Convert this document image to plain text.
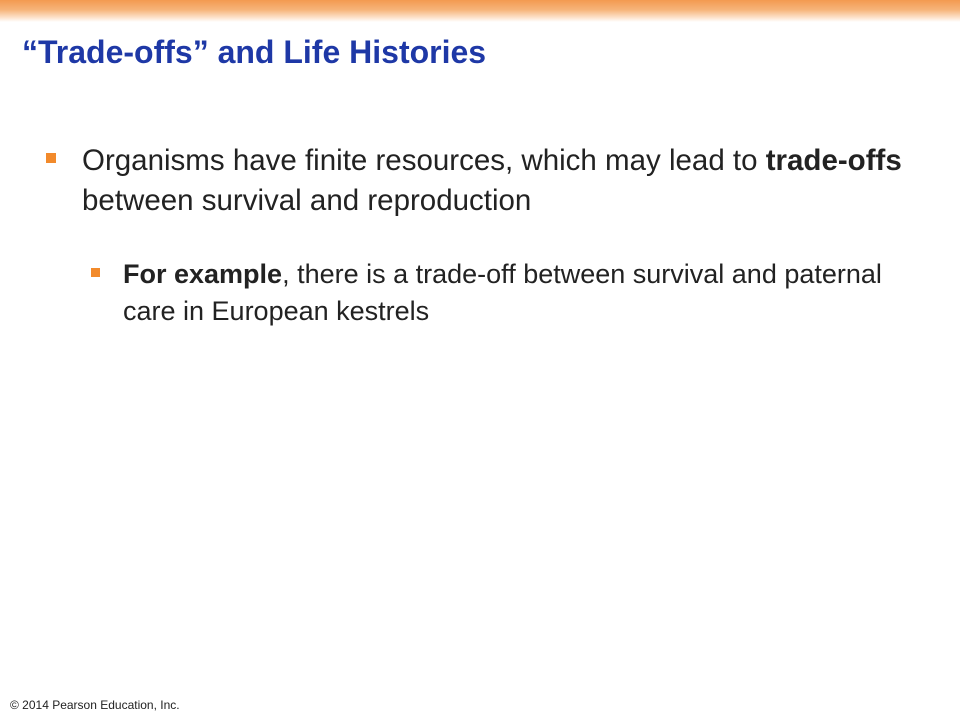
“Trade-offs” and Life Histories
Organisms have finite resources, which may lead to trade-offs between survival and reproduction
For example, there is a trade-off between survival and paternal care in European kestrels
© 2014 Pearson Education, Inc.
